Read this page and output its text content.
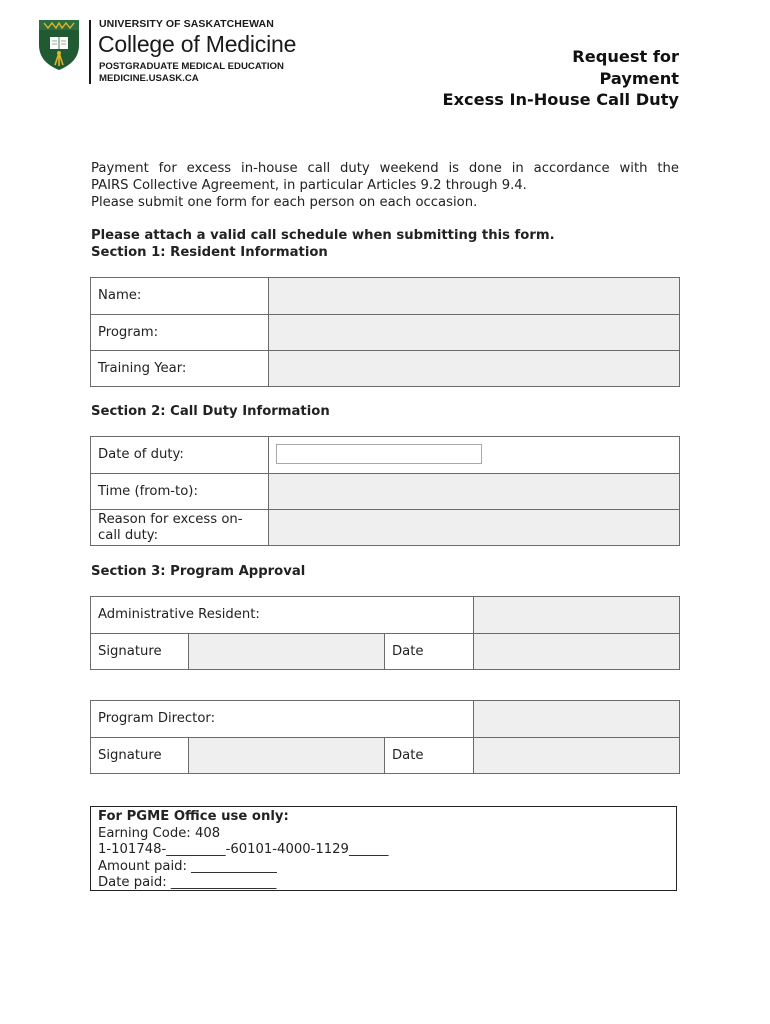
UNIVERSITY OF SASKATCHEWAN
College of Medicine
POSTGRADUATE MEDICAL EDUCATION
MEDICINE.USASK.CA
Request for
Payment
Excess In-House Call Duty
Payment for excess in-house call duty weekend is done in accordance with the
PAIRS Collective Agreement, in particular Articles 9.2 through 9.4.
Please submit one form for each person on each occasion.
Please attach a valid call schedule when submitting this form.
Section 1: Resident Information
Name:	
Program:	
Training Year:	
Section 2: Call Duty Information
Date of duty:	
Time (from-to):	
Reason for excess on-call duty:	
Section 3: Program Approval
Administrative Resident:			
Signature		Date	
Program Director:			
Signature		Date	
For PGME Office use only:
Earning Code: 408
1-101748-_________-60101-4000-1129______
Amount paid: _____________
Date paid: ________________
